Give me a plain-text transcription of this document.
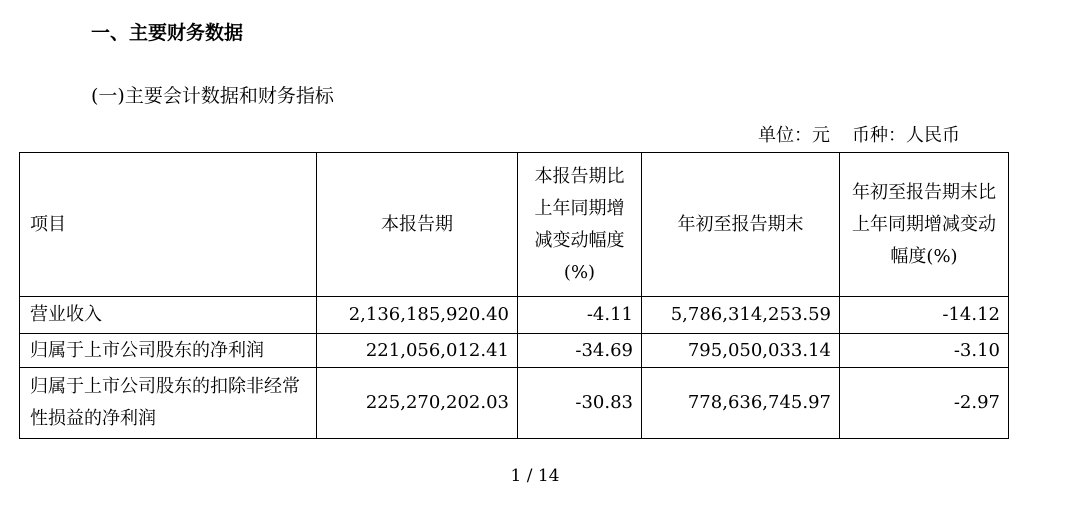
一、主要财务数据
(一)主要会计数据和财务指标
单位：元 币种：人民币
项目	本报告期	本报告期比上年同期增减变动幅度(%)	年初至报告期末	年初至报告期末比上年同期增减变动幅度(%)
营业收入	2,136,185,920.40	-4.11	5,786,314,253.59	-14.12
归属于上市公司股东的净利润	221,056,012.41	-34.69	795,050,033.14	-3.10
归属于上市公司股东的扣除非经常性损益的净利润	225,270,202.03	-30.83	778,636,745.97	-2.97
1 / 14
